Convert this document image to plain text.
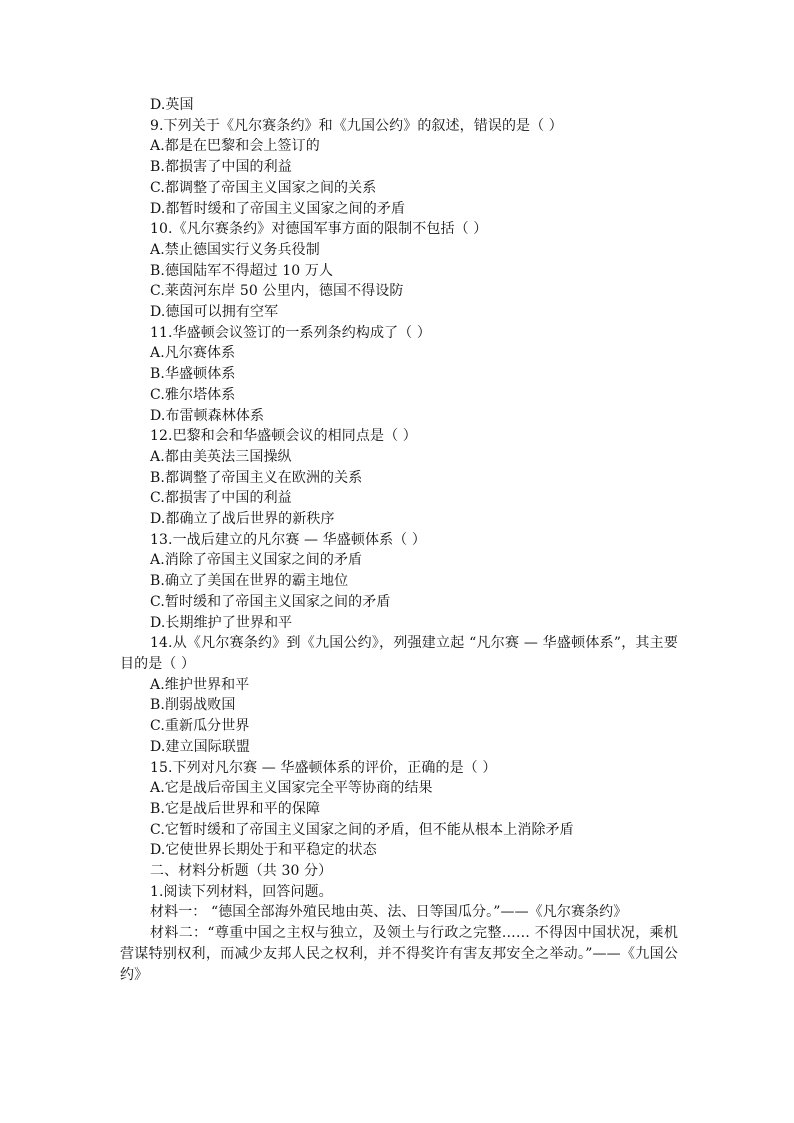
D.英国
9.下列关于《凡尔赛条约》和《九国公约》的叙述，错误的是（ ）
A.都是在巴黎和会上签订的
B.都损害了中国的利益
C.都调整了帝国主义国家之间的关系
D.都暂时缓和了帝国主义国家之间的矛盾
10.《凡尔赛条约》对德国军事方面的限制不包括（ ）
A.禁止德国实行义务兵役制
B.德国陆军不得超过 10 万人
C.莱茵河东岸 50 公里内，德国不得设防
D.德国可以拥有空军
11.华盛顿会议签订的一系列条约构成了（ ）
A.凡尔赛体系
B.华盛顿体系
C.雅尔塔体系
D.布雷顿森林体系
12.巴黎和会和华盛顿会议的相同点是（ ）
A.都由美英法三国操纵
B.都调整了帝国主义在欧洲的关系
C.都损害了中国的利益
D.都确立了战后世界的新秩序
13.一战后建立的凡尔赛 — 华盛顿体系（ ）
A.消除了帝国主义国家之间的矛盾
B.确立了美国在世界的霸主地位
C.暂时缓和了帝国主义国家之间的矛盾
D.长期维护了世界和平
14.从《凡尔赛条约》到《九国公约》，列强建立起 “凡尔赛 — 华盛顿体系”，其主要目的是（ ）
A.维护世界和平
B.削弱战败国
C.重新瓜分世界
D.建立国际联盟
15.下列对凡尔赛 — 华盛顿体系的评价，正确的是（ ）
A.它是战后帝国主义国家完全平等协商的结果
B.它是战后世界和平的保障
C.它暂时缓和了帝国主义国家之间的矛盾，但不能从根本上消除矛盾
D.它使世界长期处于和平稳定的状态
二、材料分析题（共 30 分）
1.阅读下列材料，回答问题。
材料一： “德国全部海外殖民地由英、法、日等国瓜分。”——《凡尔赛条约》
材料二：“尊重中国之主权与独立，及领土与行政之完整…… 不得因中国状况，乘机营谋特别权利，而减少友邦人民之权利，并不得奖许有害友邦安全之举动。”——《九国公约》
